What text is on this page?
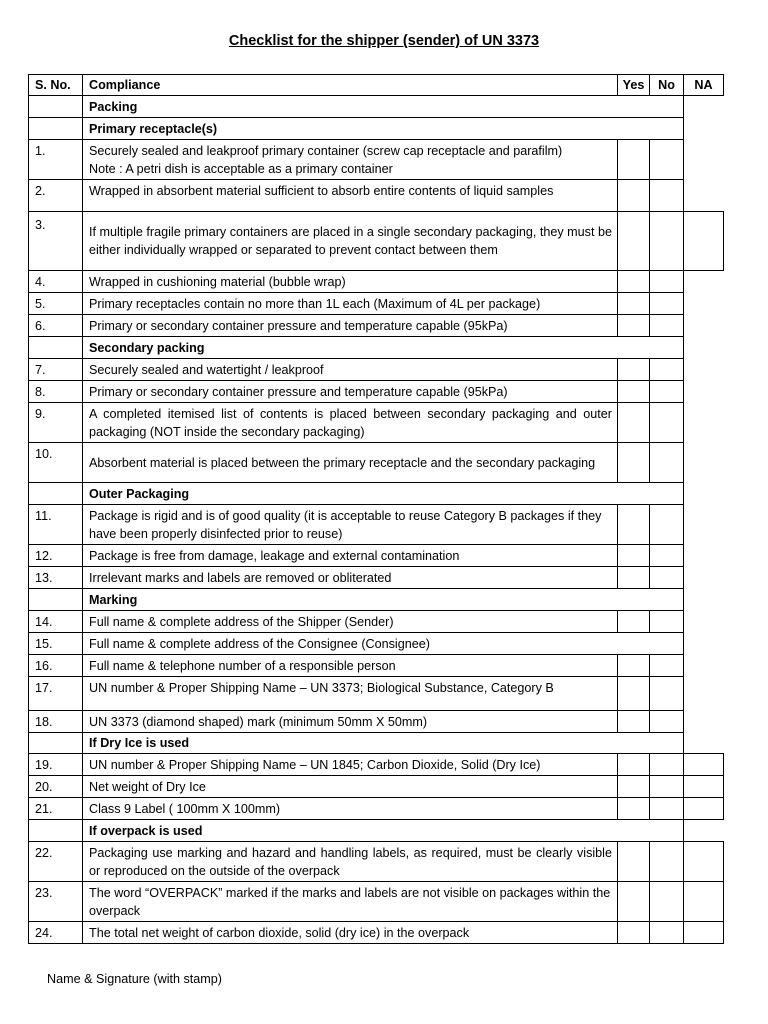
Checklist for the shipper (sender) of UN 3373
S. No.	Compliance	Yes	No	NA
	Packing			
	Primary receptacle(s)			
1.	Securely sealed and leakproof primary container (screw cap receptacle and parafilm)
Note : A petri dish is acceptable as a primary container			
2.	Wrapped in absorbent material sufficient to absorb entire contents of liquid samples			
3.	If multiple fragile primary containers are placed in a single secondary packaging, they must be either individually wrapped or separated to prevent contact between them			
4.	Wrapped in cushioning material (bubble wrap)			
5.	Primary receptacles contain no more than 1L each (Maximum of 4L per package)			
6.	Primary or secondary container pressure and temperature capable (95kPa)			
	Secondary packing			
7.	Securely sealed and watertight / leakproof			
8.	Primary or secondary container pressure and temperature capable (95kPa)			
9.	A completed itemised list of contents is placed between secondary packaging and outer packaging (NOT inside the secondary packaging)			
10.	Absorbent material is placed between the primary receptacle and the secondary packaging			
	Outer Packaging			
11.	Package is rigid and is of good quality (it is acceptable to reuse Category B packages if they have been properly disinfected prior to reuse)			
12.	Package is free from damage, leakage and external contamination			
13.	Irrelevant marks and labels are removed or obliterated			
	Marking			
14.	Full name & complete address of the Shipper (Sender)			
15.	Full name & complete address of the Consignee (Consignee)			
16.	Full name & telephone number of a responsible person			
17.	UN number & Proper Shipping Name – UN 3373; Biological Substance, Category B			
18.	UN 3373 (diamond shaped) mark (minimum 50mm X 50mm)			
	If Dry Ice is used			
19.	UN number & Proper Shipping Name – UN 1845; Carbon Dioxide, Solid (Dry Ice)			
20.	Net weight of Dry Ice			
21.	Class 9 Label ( 100mm X 100mm)			
	If overpack is used			
22.	Packaging use marking and hazard and handling labels, as required, must be clearly visible or reproduced on the outside of the overpack			
23.	The word “OVERPACK” marked if the marks and labels are not visible on packages within the overpack			
24.	The total net weight of carbon dioxide, solid (dry ice) in the overpack			
Name & Signature (with stamp)
